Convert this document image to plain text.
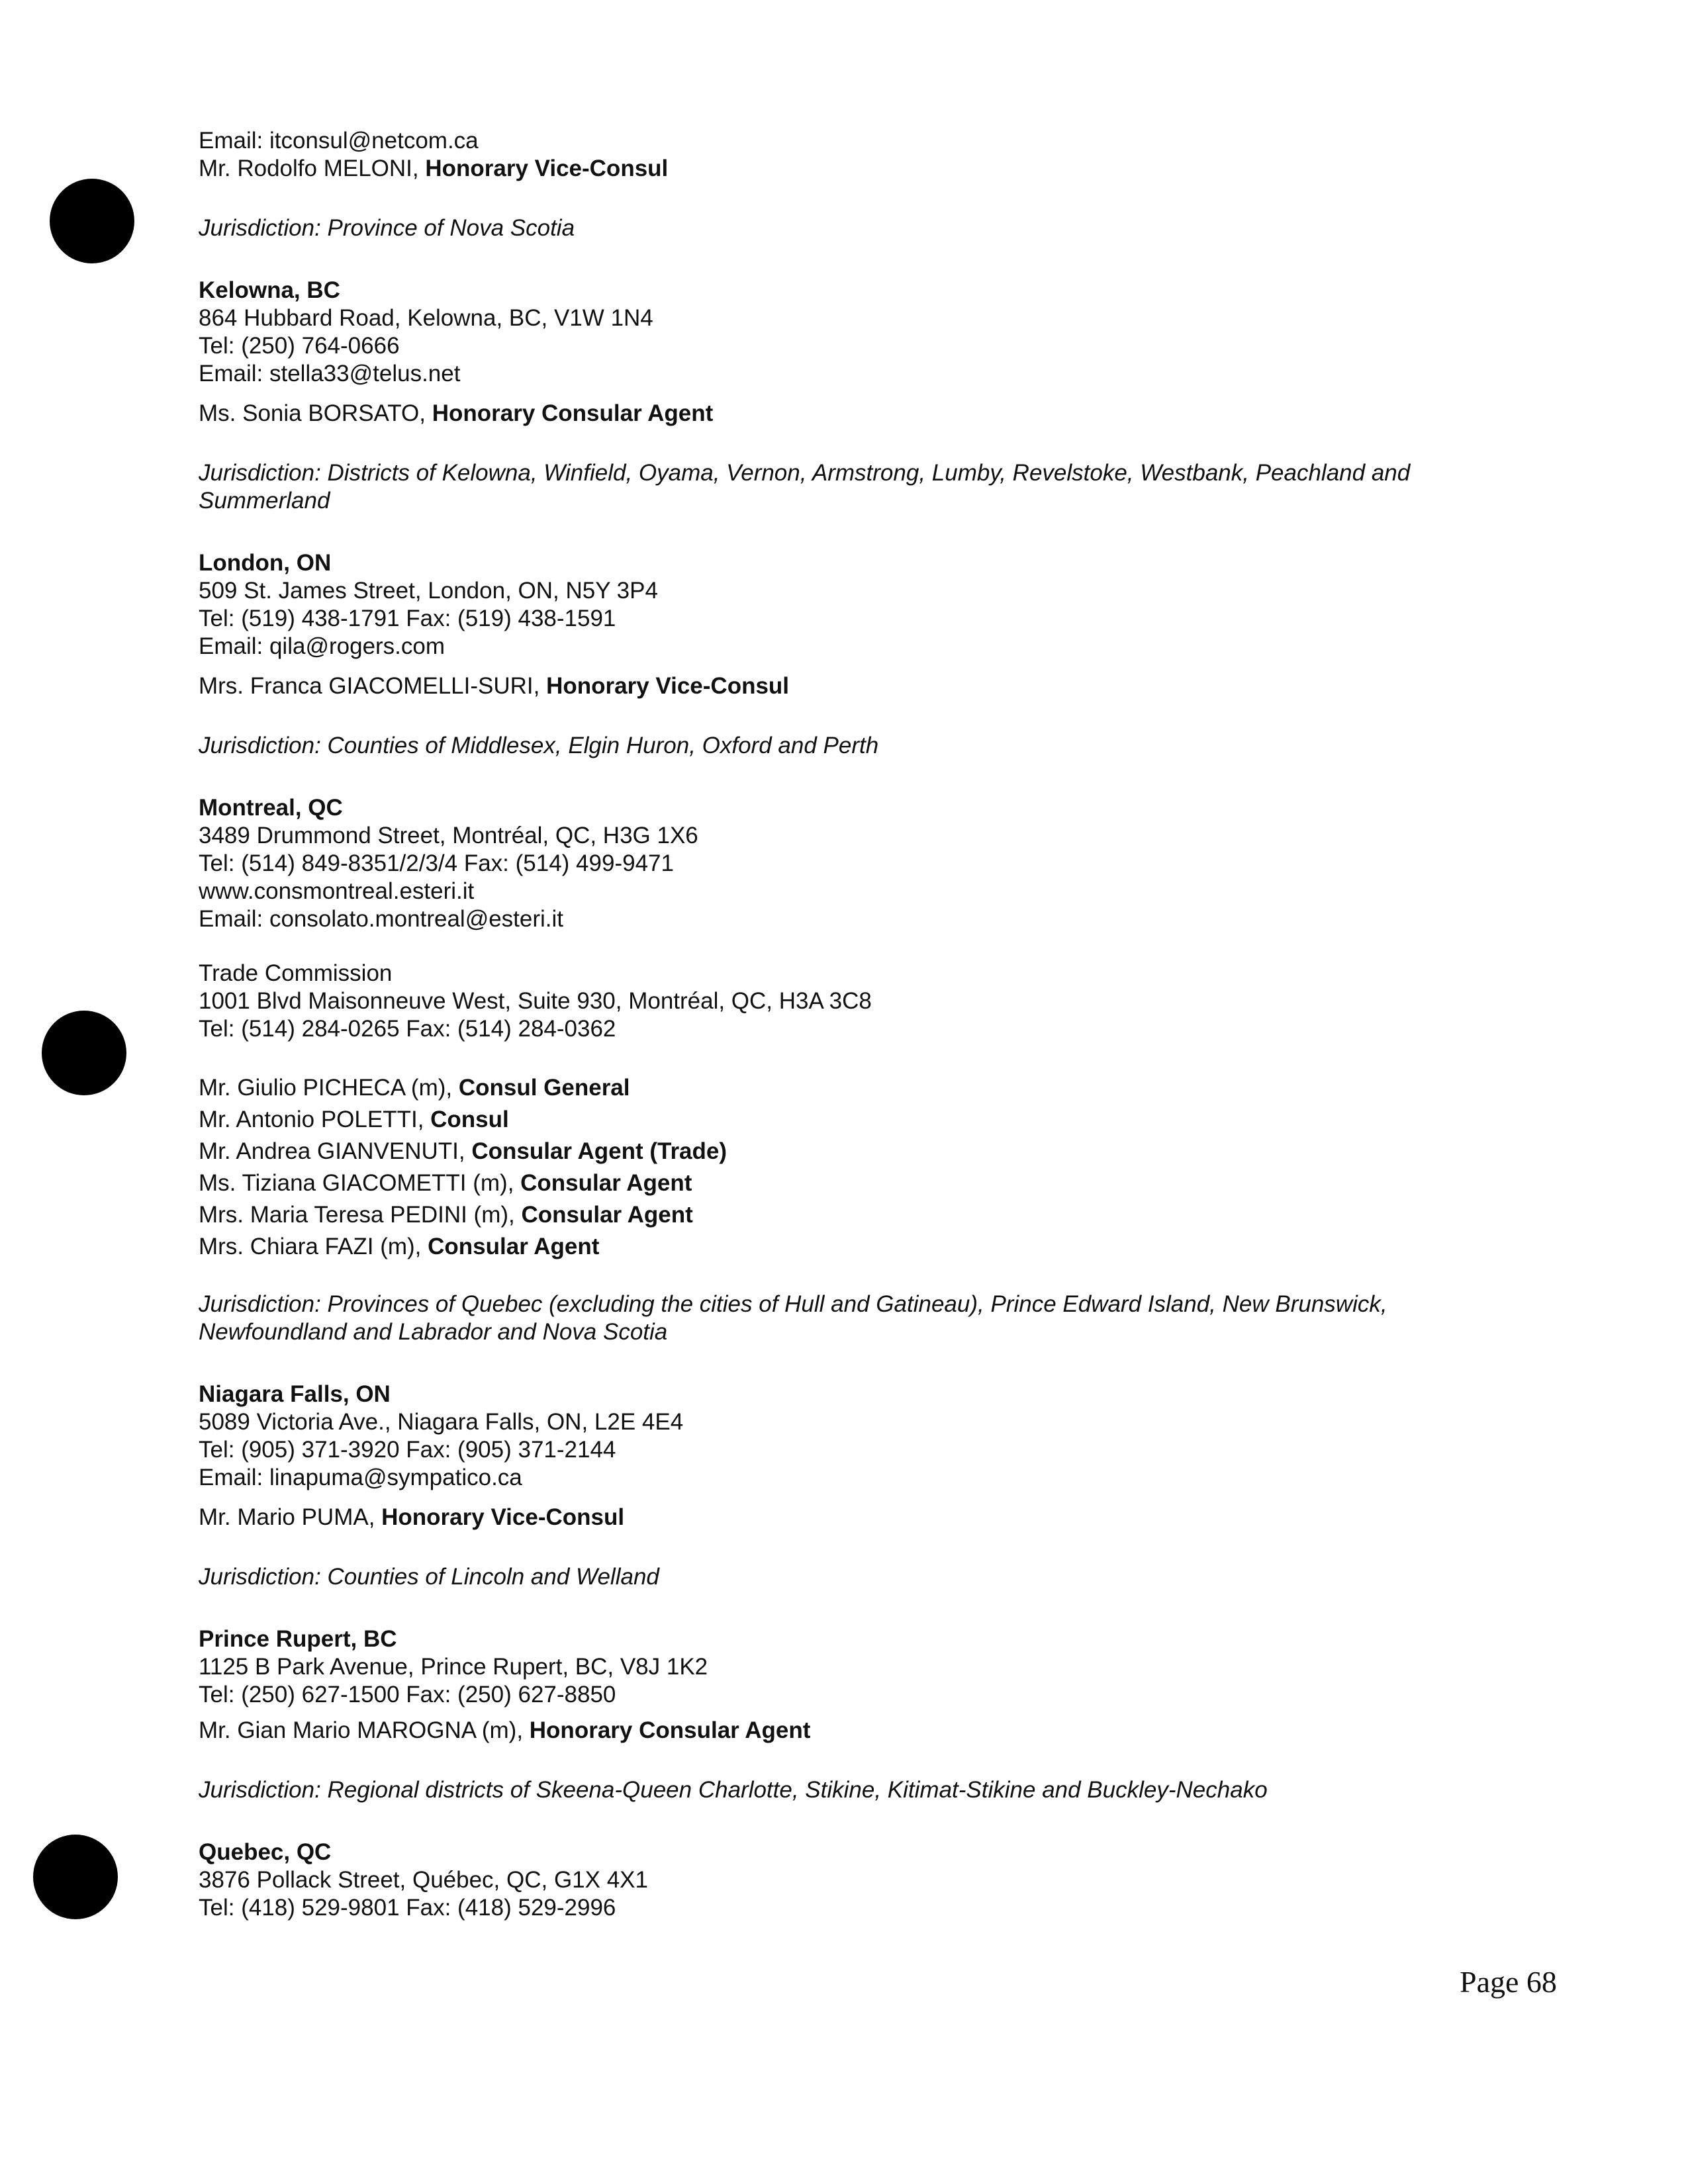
Email: itconsul@netcom.ca
Mr. Rodolfo MELONI, Honorary Vice-Consul
Jurisdiction: Province of Nova Scotia
Kelowna, BC
864 Hubbard Road, Kelowna, BC, V1W 1N4
Tel: (250) 764-0666
Email: stella33@telus.net
Ms. Sonia BORSATO, Honorary Consular Agent
Jurisdiction: Districts of Kelowna, Winfield, Oyama, Vernon, Armstrong, Lumby, Revelstoke, Westbank, Peachland and Summerland
London, ON
509 St. James Street, London, ON, N5Y 3P4
Tel: (519) 438-1791 Fax: (519) 438-1591
Email: qila@rogers.com
Mrs. Franca GIACOMELLI-SURI, Honorary Vice-Consul
Jurisdiction: Counties of Middlesex, Elgin Huron, Oxford and Perth
Montreal, QC
3489 Drummond Street, Montréal, QC, H3G 1X6
Tel: (514) 849-8351/2/3/4 Fax: (514) 499-9471
www.consmontreal.esteri.it
Email: consolato.montreal@esteri.it
Trade Commission
1001 Blvd Maisonneuve West, Suite 930, Montréal, QC, H3A 3C8
Tel: (514) 284-0265 Fax: (514) 284-0362
Mr. Giulio PICHECA (m), Consul General
Mr. Antonio POLETTI, Consul
Mr. Andrea GIANVENUTI, Consular Agent (Trade)
Ms. Tiziana GIACOMETTI (m), Consular Agent
Mrs. Maria Teresa PEDINI (m), Consular Agent
Mrs. Chiara FAZI (m), Consular Agent
Jurisdiction: Provinces of Quebec (excluding the cities of Hull and Gatineau), Prince Edward Island, New Brunswick, Newfoundland and Labrador and Nova Scotia
Niagara Falls, ON
5089 Victoria Ave., Niagara Falls, ON, L2E 4E4
Tel: (905) 371-3920 Fax: (905) 371-2144
Email: linapuma@sympatico.ca
Mr. Mario PUMA, Honorary Vice-Consul
Jurisdiction: Counties of Lincoln and Welland
Prince Rupert, BC
1125 B Park Avenue, Prince Rupert, BC, V8J 1K2
Tel: (250) 627-1500 Fax: (250) 627-8850
Mr. Gian Mario MAROGNA (m), Honorary Consular Agent
Jurisdiction: Regional districts of Skeena-Queen Charlotte, Stikine, Kitimat-Stikine and Buckley-Nechako
Quebec, QC
3876 Pollack Street, Québec, QC, G1X 4X1
Tel: (418) 529-9801 Fax: (418) 529-2996
Page 68
